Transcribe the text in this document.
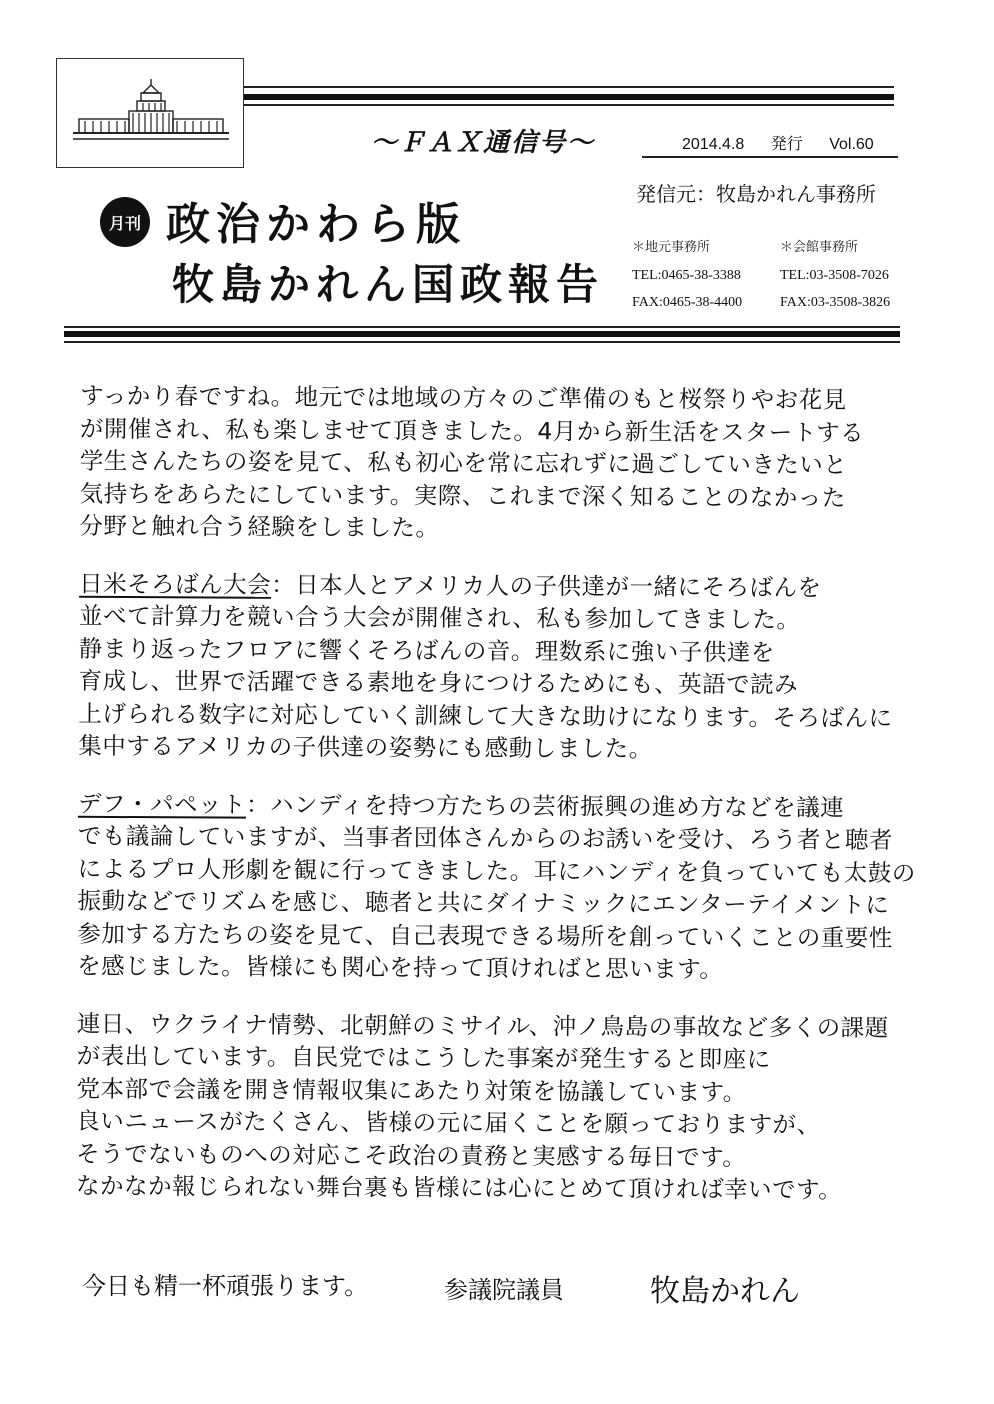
～ＦＡＸ通信号～	2014.4.8 発行 Vol.60
月刊 政治かわら版
牧島かれん国政報告
発信元：牧島かれん事務所
＊地元事務所
TEL:0465-38-3388
FAX:0465-38-4400
＊会館事務所
TEL:03-3508-7026
FAX:03-3508-3826
すっかり春ですね。地元では地域の方々のご準備のもと桜祭りやお花見
が開催され、私も楽しませて頂きました。4月から新生活をスタートする
学生さんたちの姿を見て、私も初心を常に忘れずに過ごしていきたいと
気持ちをあらたにしています。実際、これまで深く知ることのなかった
分野と触れ合う経験をしました。
日米そろばん大会：日本人とアメリカ人の子供達が一緒にそろばんを
並べて計算力を競い合う大会が開催され、私も参加してきました。
静まり返ったフロアに響くそろばんの音。理数系に強い子供達を
育成し、世界で活躍できる素地を身につけるためにも、英語で読み
上げられる数字に対応していく訓練して大きな助けになります。そろばんに
集中するアメリカの子供達の姿勢にも感動しました。
デフ・パペット：ハンディを持つ方たちの芸術振興の進め方などを議連
でも議論していますが、当事者団体さんからのお誘いを受け、ろう者と聴者
によるプロ人形劇を観に行ってきました。耳にハンディを負っていても太鼓の
振動などでリズムを感じ、聴者と共にダイナミックにエンターテイメントに
参加する方たちの姿を見て、自己表現できる場所を創っていくことの重要性
を感じました。皆様にも関心を持って頂ければと思います。
連日、ウクライナ情勢、北朝鮮のミサイル、沖ノ鳥島の事故など多くの課題
が表出しています。自民党ではこうした事案が発生すると即座に
党本部で会議を開き情報収集にあたり対策を協議しています。
良いニュースがたくさん、皆様の元に届くことを願っておりますが、
そうでないものへの対応こそ政治の責務と実感する毎日です。
なかなか報じられない舞台裏も皆様には心にとめて頂ければ幸いです。
今日も精一杯頑張ります。	参議院議員	牧島かれん
